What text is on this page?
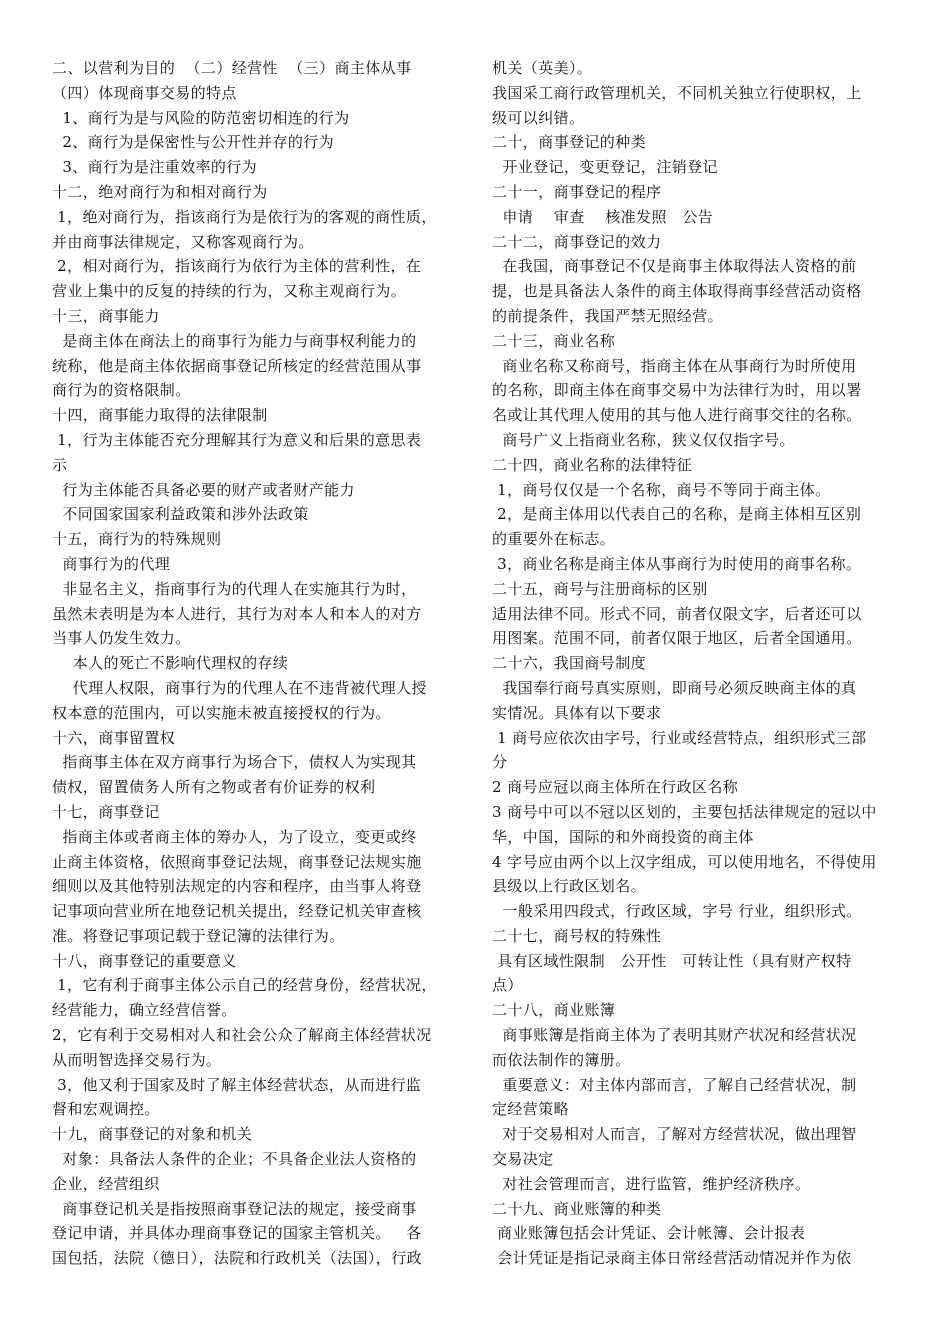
二、以营利为目的  （二）经营性  （三）商主体从事
（四）体现商事交易的特点
1、商行为是与风险的防范密切相连的行为
2、商行为是保密性与公开性并存的行为
3、商行为是注重效率的行为
十二，绝对商行为和相对商行为
1，绝对商行为，指该商行为是依行为的客观的商性质，
并由商事法律规定，又称客观商行为。
2，相对商行为，指该商行为依行为主体的营利性，在
营业上集中的反复的持续的行为，又称主观商行为。
十三，商事能力
是商主体在商法上的商事行为能力与商事权利能力的
统称，他是商主体依据商事登记所核定的经营范围从事
商行为的资格限制。
十四，商事能力取得的法律限制
1，行为主体能否充分理解其行为意义和后果的意思表
示
行为主体能否具备必要的财产或者财产能力
不同国家国家利益政策和涉外法政策
十五，商行为的特殊规则
商事行为的代理
非显名主义，指商事行为的代理人在实施其行为时，
虽然未表明是为本人进行，其行为对本人和本人的对方
当事人仍发生效力。
本人的死亡不影响代理权的存续
代理人权限，商事行为的代理人在不违背被代理人授
权本意的范围内，可以实施未被直接授权的行为。
十六，商事留置权
指商事主体在双方商事行为场合下，债权人为实现其
债权，留置债务人所有之物或者有价证券的权利
十七，商事登记
指商主体或者商主体的筹办人，为了设立，变更或终
止商主体资格，依照商事登记法规，商事登记法规实施
细则以及其他特别法规定的内容和程序，由当事人将登
记事项向营业所在地登记机关提出，经登记机关审查核
准。将登记事项记载于登记簿的法律行为。
十八，商事登记的重要意义
1，它有利于商事主体公示自己的经营身份，经营状况，
经营能力，确立经营信誉。
2，它有利于交易相对人和社会公众了解商主体经营状况
从而明智选择交易行为。
3，他又利于国家及时了解主体经营状态，从而进行监
督和宏观调控。
十九，商事登记的对象和机关
对象：具备法人条件的企业；不具备企业法人资格的
企业，经营组织
商事登记机关是指按照商事登记法的规定，接受商事
登记申请，并具体办理商事登记的国家主管机关。   各
国包括，法院（德日），法院和行政机关（法国），行政
机关（英美）。
我国采工商行政管理机关，不同机关独立行使职权，上
级可以纠错。
二十，商事登记的种类
开业登记，变更登记，注销登记
二十一，商事登记的程序
申请    审查    核准发照   公告
二十二，商事登记的效力
在我国，商事登记不仅是商事主体取得法人资格的前
提，也是具备法人条件的商主体取得商事经营活动资格
的前提条件，我国严禁无照经营。
二十三，商业名称
商业名称又称商号，指商主体在从事商行为时所使用
的名称，即商主体在商事交易中为法律行为时，用以署
名或让其代理人使用的其与他人进行商事交往的名称。
商号广义上指商业名称，狭义仅仅指字号。
二十四，商业名称的法律特征
1，商号仅仅是一个名称，商号不等同于商主体。
2，是商主体用以代表自己的名称，是商主体相互区别
的重要外在标志。
3，商业名称是商主体从事商行为时使用的商事名称。
二十五，商号与注册商标的区别
适用法律不同。形式不同，前者仅限文字，后者还可以
用图案。范围不同，前者仅限于地区，后者全国通用。
二十六，我国商号制度
我国奉行商号真实原则，即商号必须反映商主体的真
实情况。具体有以下要求
1 商号应依次由字号，行业或经营特点，组织形式三部
分
2 商号应冠以商主体所在行政区名称
3 商号中可以不冠以区划的，主要包括法律规定的冠以中
华，中国，国际的和外商投资的商主体
4 字号应由两个以上汉字组成，可以使用地名，不得使用
县级以上行政区划名。
一般采用四段式，行政区域，字号 行业，组织形式。
二十七，商号权的特殊性
具有区域性限制   公开性   可转让性（具有财产权特
点）
二十八，商业账簿
商事账簿是指商主体为了表明其财产状况和经营状况
而依法制作的簿册。
重要意义：对主体内部而言，了解自己经营状况，制
定经营策略
对于交易相对人而言，了解对方经营状况，做出理智
交易决定
对社会管理而言，进行监管，维护经济秩序。
二十九、商业账簿的种类
商业账簿包括会计凭证、会计帐簿、会计报表
会计凭证是指记录商主体日常经营活动情况并作为依
